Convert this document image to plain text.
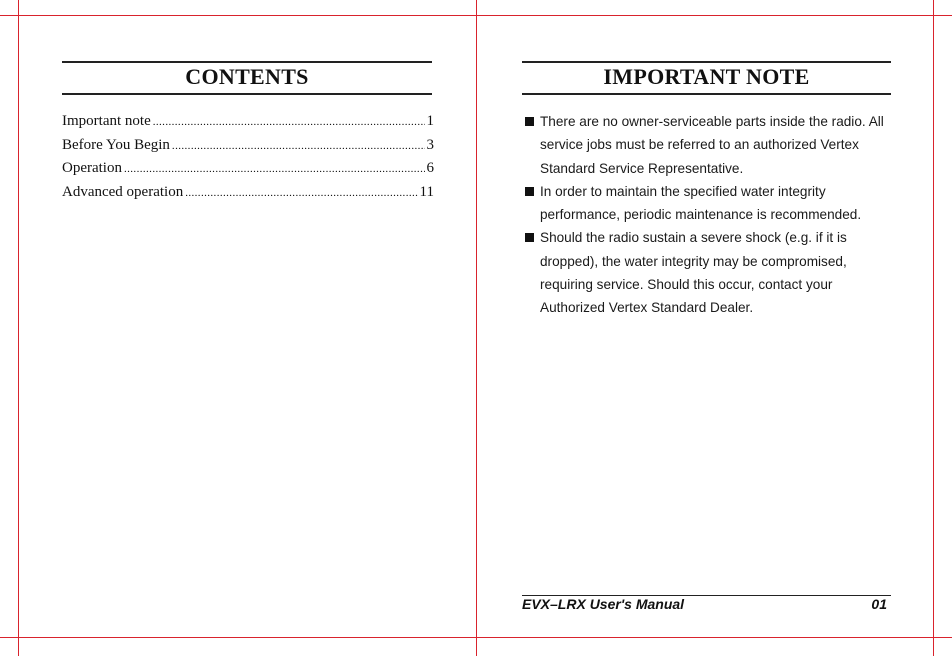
CONTENTS
Important note .....	1
Before You Begin .....	3
Operation .....	6
Advanced operation .....	11
IMPORTANT NOTE
There are no owner-serviceable parts inside the radio. All service jobs must be referred to an authorized Vertex Standard Service Representative.
In order to maintain the specified water integrity performance, periodic maintenance is recommended.
Should the radio sustain a severe shock (e.g. if it is dropped), the water integrity may be compromised, requiring service. Should this occur, contact your Authorized Vertex Standard Dealer.
EVX–LRX User's Manual	01
